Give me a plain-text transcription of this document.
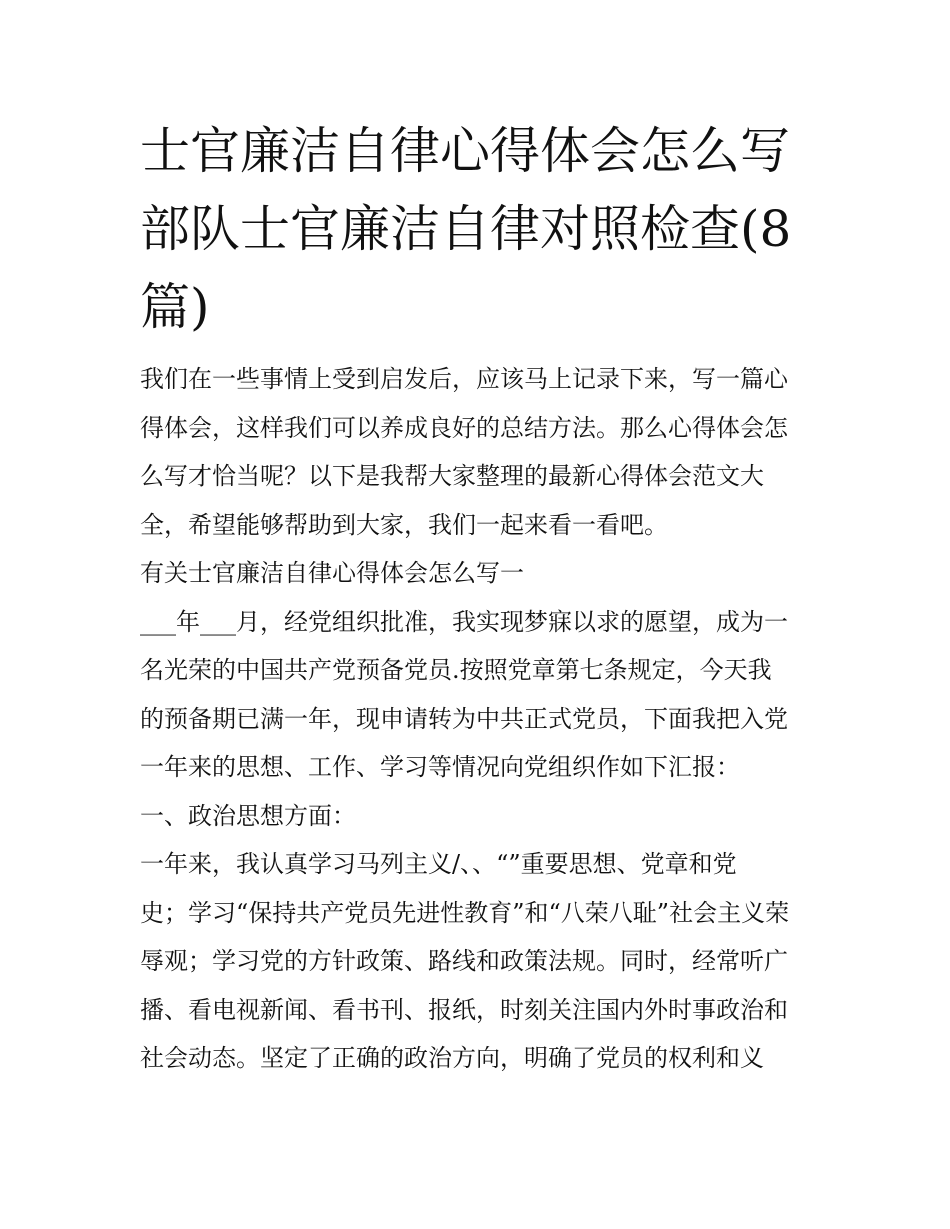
士官廉洁自律心得体会怎么写
部队士官廉洁自律对照检查(8
篇)
我们在一些事情上受到启发后，应该马上记录下来，写一篇心
得体会，这样我们可以养成良好的总结方法。那么心得体会怎
么写才恰当呢？以下是我帮大家整理的最新心得体会范文大
全，希望能够帮助到大家，我们一起来看一看吧。
有关士官廉洁自律心得体会怎么写一
___年___月，经党组织批准，我实现梦寐以求的愿望，成为一
名光荣的中国共产党预备党员.按照党章第七条规定，今天我
的预备期已满一年，现申请转为中共正式党员，下面我把入党
一年来的思想、工作、学习等情况向党组织作如下汇报：
一、政治思想方面：
一年来，我认真学习马列主义/、、“”重要思想、党章和党
史；学习“保持共产党员先进性教育”和“八荣八耻”社会主义荣
辱观；学习党的方针政策、路线和政策法规。同时，经常听广
播、看电视新闻、看书刊、报纸，时刻关注国内外时事政治和
社会动态。坚定了正确的政治方向，明确了党员的权利和义
